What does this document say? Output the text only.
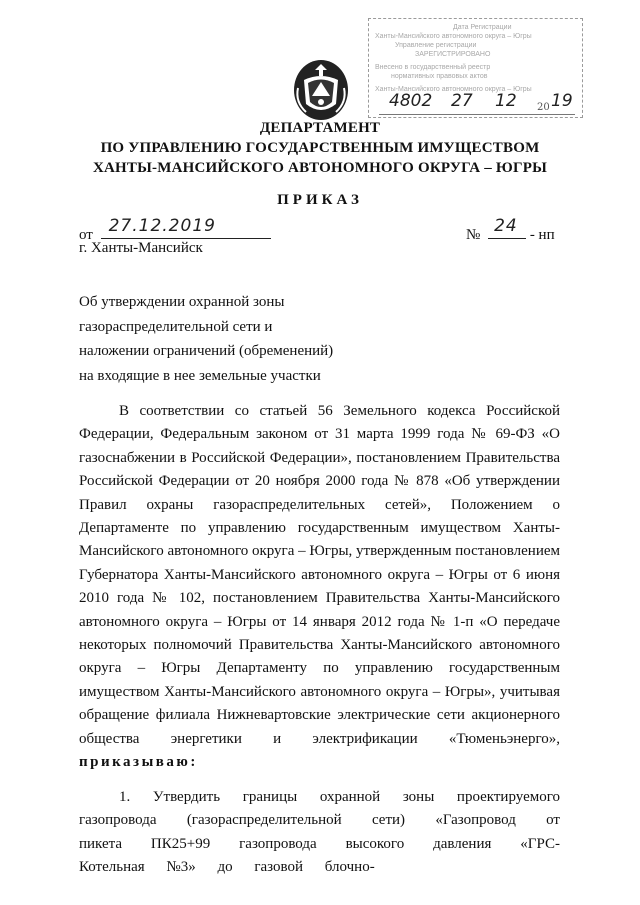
Дата Регистрации
Ханты-Мансийского автономного округа – Югры
Управление регистрации
ЗАРЕГИСТРИРОВАНО
Внесено в государственный реестр
нормативных правовых актов
Ханты-Мансийского автономного округа – Югры
4802 27 12 20 19
ДЕПАРТАМЕНТ
ПО УПРАВЛЕНИЮ ГОСУДАРСТВЕННЫМ ИМУЩЕСТВОМ
ХАНТЫ-МАНСИЙСКОГО АВТОНОМНОГО ОКРУГА – ЮГРЫ
ПРИКАЗ
от 27.12.2019	№ 24 - нп
г. Ханты-Мансийск
Об утверждении охранной зоны
газораспределительной сети и
наложении ограничений (обременений)
на входящие в нее земельные участки

В соответствии со статьей 56 Земельного кодекса Российской Федерации, Федеральным законом от 31 марта 1999 года № 69-ФЗ «О газоснабжении в Российской Федерации», постановлением Правительства Российской Федерации от 20 ноября 2000 года № 878 «Об утверждении Правил охраны газораспределительных сетей», Положением о Департаменте по управлению государственным имуществом Ханты-Мансийского автономного округа – Югры, утвержденным постановлением Губернатора Ханты-Мансийского автономного округа – Югры от 6 июня 2010 года № 102, постановлением Правительства Ханты-Мансийского автономного округа – Югры от 14 января 2012 года № 1-п «О передаче некоторых полномочий Правительства Ханты-Мансийского автономного округа – Югры Департаменту по управлению государственным имуществом Ханты-Мансийского автономного округа – Югры», учитывая обращение филиала Нижневартовские электрические сети акционерного общества энергетики и электрификации «Тюменьэнерго», приказываю:

1. Утвердить границы охранной зоны проектируемого газопровода (газораспределительной сети) «Газопровод от пикета ПК25+99 газопровода высокого давления «ГРС-Котельная №3» до газовой блочно-
